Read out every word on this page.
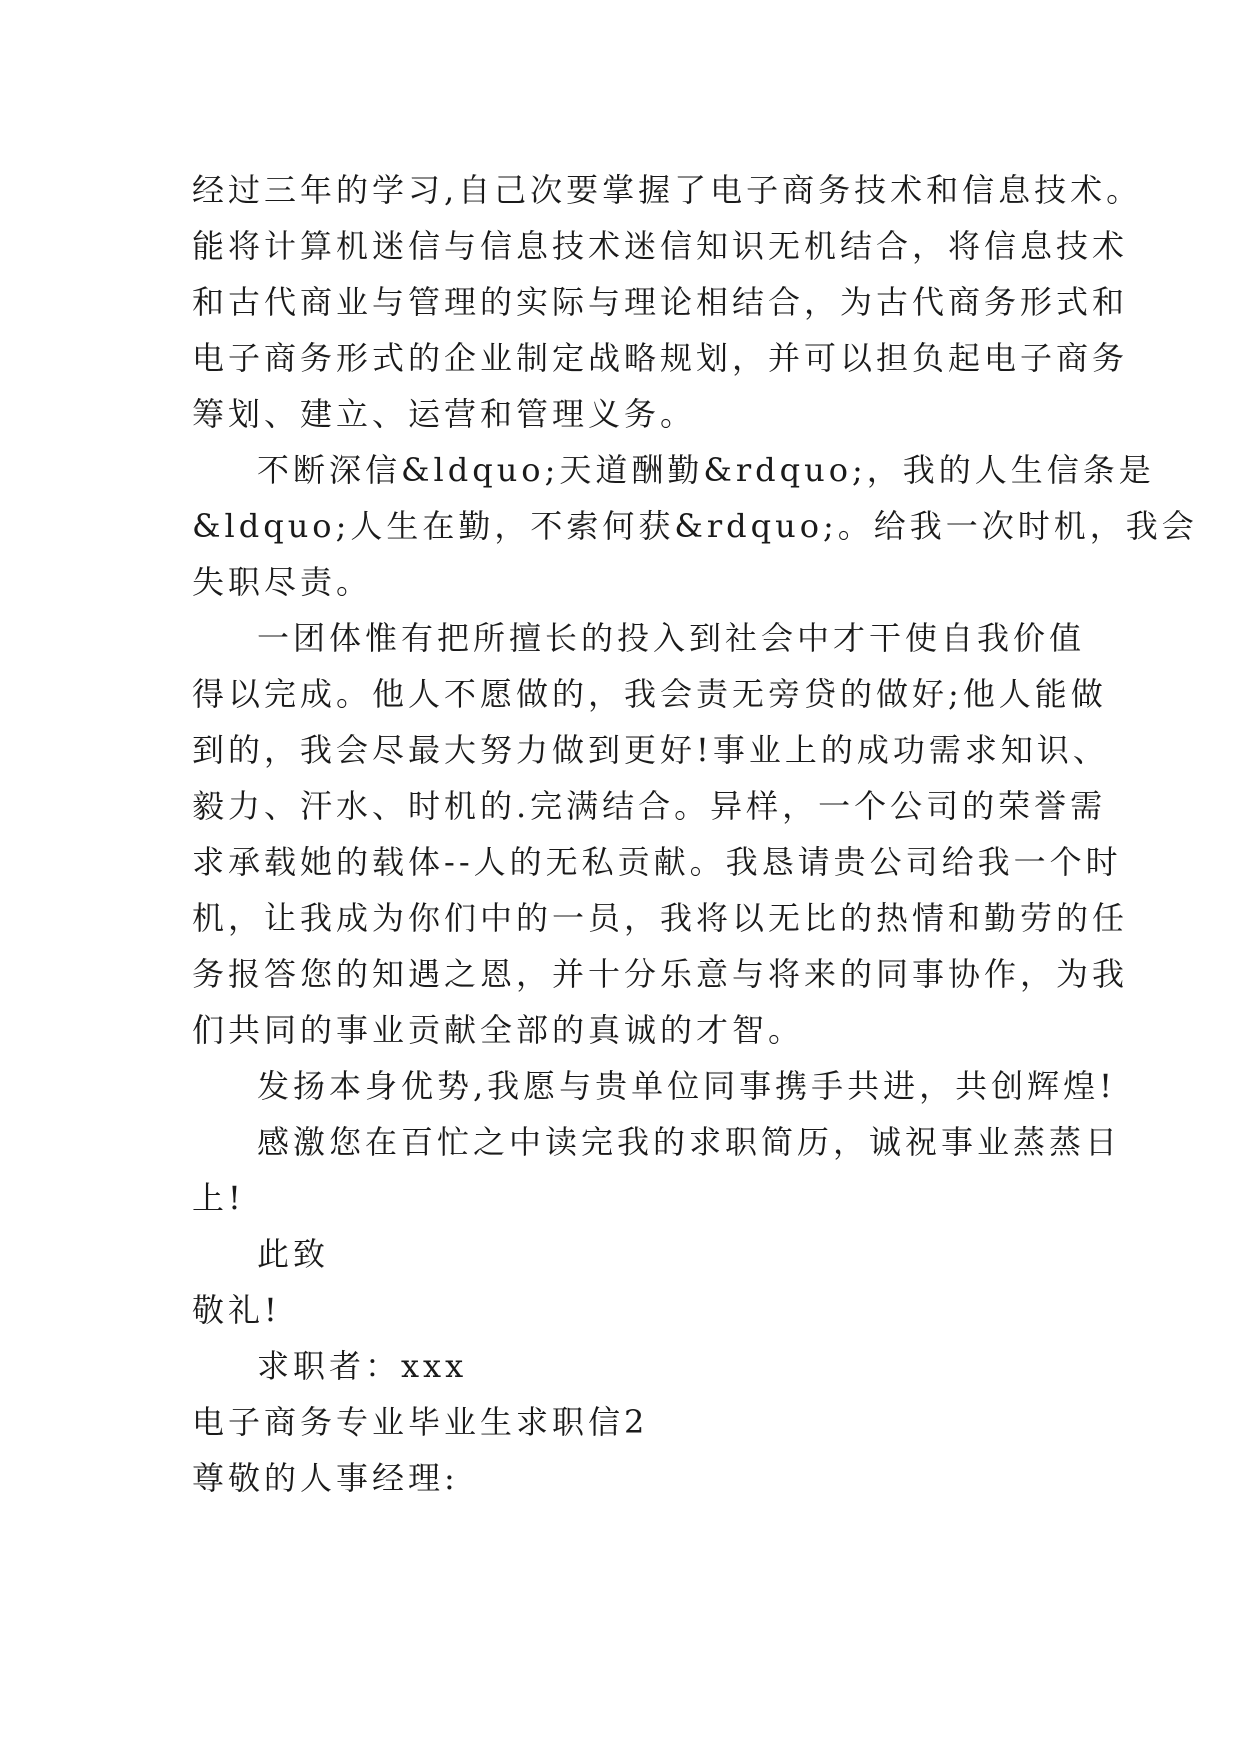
经过三年的学习,自己次要掌握了电子商务技术和信息技术。
能将计算机迷信与信息技术迷信知识无机结合，将信息技术
和古代商业与管理的实际与理论相结合，为古代商务形式和
电子商务形式的企业制定战略规划，并可以担负起电子商务
筹划、建立、运营和管理义务。
不断深信&ldquo;天道酬勤&rdquo;，我的人生信条是
&ldquo;人生在勤，不索何获&rdquo;。给我一次时机，我会
失职尽责。
一团体惟有把所擅长的投入到社会中才干使自我价值
得以完成。他人不愿做的，我会责无旁贷的做好;他人能做
到的，我会尽最大努力做到更好!事业上的成功需求知识、
毅力、汗水、时机的.完满结合。异样，一个公司的荣誉需
求承载她的载体--人的无私贡献。我恳请贵公司给我一个时
机，让我成为你们中的一员，我将以无比的热情和勤劳的任
务报答您的知遇之恩，并十分乐意与将来的同事协作，为我
们共同的事业贡献全部的真诚的才智。
发扬本身优势,我愿与贵单位同事携手共进，共创辉煌!
感激您在百忙之中读完我的求职简历，诚祝事业蒸蒸日
上!
此致
敬礼!
求职者：xxx
电子商务专业毕业生求职信2
尊敬的人事经理:
